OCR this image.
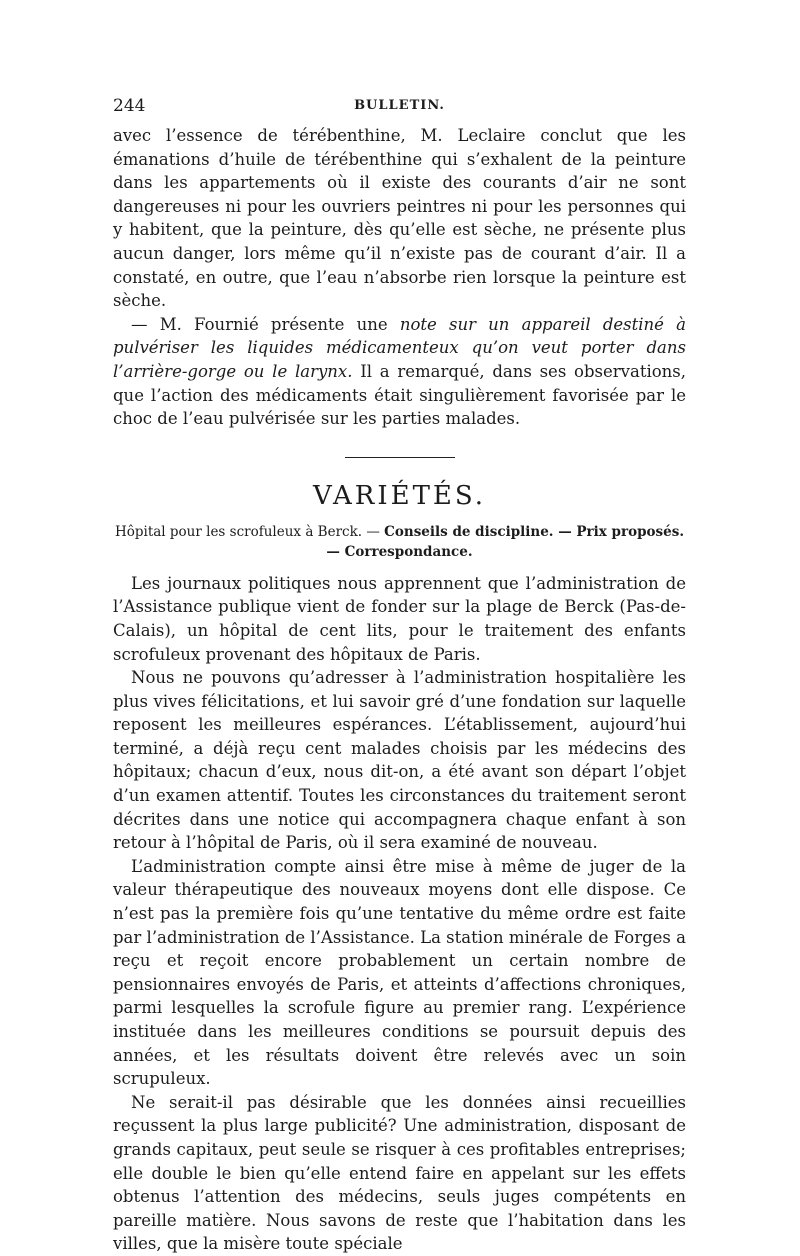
244	BULLETIN.

avec l’essence de térébenthine, M. Leclaire conclut que les émanations d’huile de térébenthine qui s’exhalent de la peinture dans les appartements où il existe des courants d’air ne sont dangereuses ni pour les ouvriers peintres ni pour les personnes qui y habitent, que la peinture, dès qu’elle est sèche, ne présente plus aucun danger, lors même qu’il n’existe pas de courant d’air. Il a constaté, en outre, que l’eau n’absorbe rien lorsque la peinture est sèche.

— M. Fournié présente une note sur un appareil destiné à pulvériser les liquides médicamenteux qu’on veut porter dans l’arrière-gorge ou le larynx. Il a remarqué, dans ses observations, que l’action des médicaments était singulièrement favorisée par le choc de l’eau pulvérisée sur les parties malades.

VARIÉTÉS.
Hôpital pour les scrofuleux à Berck. — Conseils de discipline. — Prix proposés.
— Correspondance.

Les journaux politiques nous apprennent que l’administration de l’Assistance publique vient de fonder sur la plage de Berck (Pas-de-Calais), un hôpital de cent lits, pour le traitement des enfants scrofuleux provenant des hôpitaux de Paris.

Nous ne pouvons qu’adresser à l’administration hospitalière les plus vives félicitations, et lui savoir gré d’une fondation sur laquelle reposent les meilleures espérances. L’établissement, aujourd’hui terminé, a déjà reçu cent malades choisis par les médecins des hôpitaux; chacun d’eux, nous dit-on, a été avant son départ l’objet d’un examen attentif. Toutes les circonstances du traitement seront décrites dans une notice qui accompagnera chaque enfant à son retour à l’hôpital de Paris, où il sera examiné de nouveau.

L’administration compte ainsi être mise à même de juger de la valeur thérapeutique des nouveaux moyens dont elle dispose. Ce n’est pas la première fois qu’une tentative du même ordre est faite par l’administration de l’Assistance. La station minérale de Forges a reçu et reçoit encore probablement un certain nombre de pensionnaires envoyés de Paris, et atteints d’affections chroniques, parmi lesquelles la scrofule figure au premier rang. L’expérience instituée dans les meilleures conditions se poursuit depuis des années, et les résultats doivent être relevés avec un soin scrupuleux.

Ne serait-il pas désirable que les données ainsi recueillies reçussent la plus large publicité? Une administration, disposant de grands capitaux, peut seule se risquer à ces profitables entreprises; elle double le bien qu’elle entend faire en appelant sur les effets obtenus l’attention des médecins, seuls juges compétents en pareille matière. Nous savons de reste que l’habitation dans les villes, que la misère toute spéciale
